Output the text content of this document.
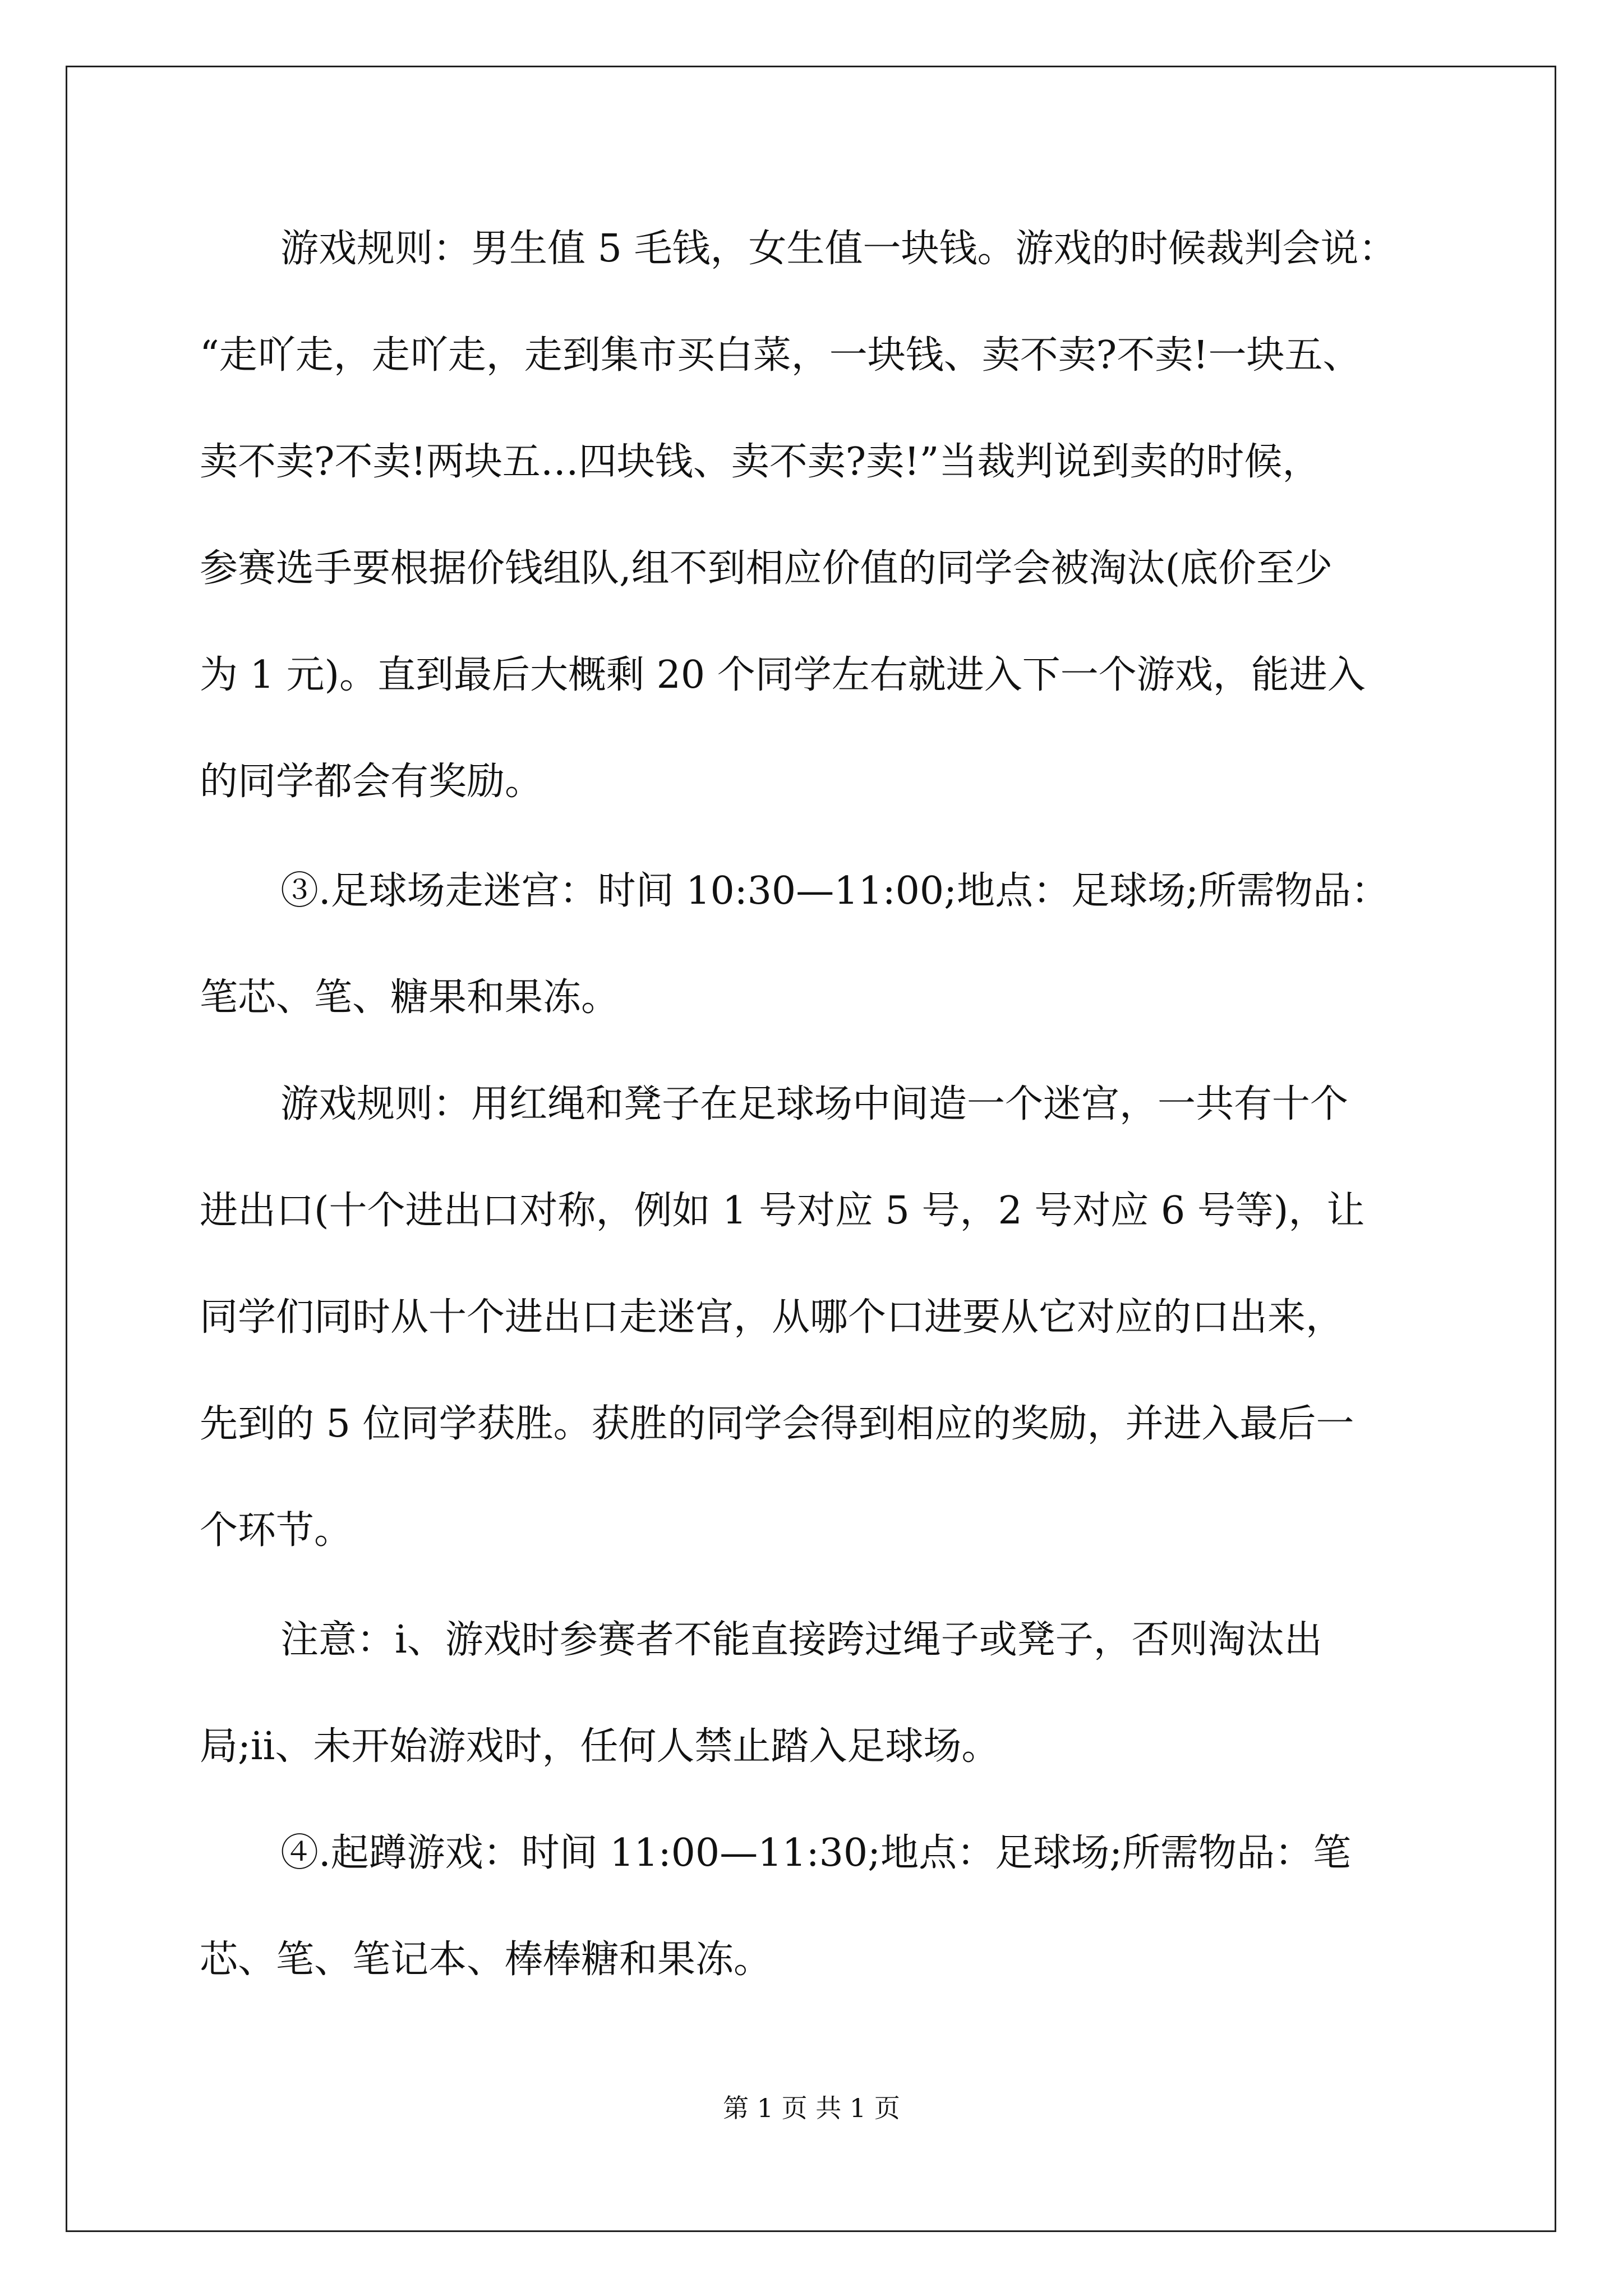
游戏规则：男生值 5 毛钱，女生值一块钱。游戏的时候裁判会说：
“走吖走，走吖走，走到集市买白菜，一块钱、卖不卖?不卖!一块五、
卖不卖?不卖!两块五…四块钱、卖不卖?卖!”当裁判说到卖的时候，
参赛选手要根据价钱组队,组不到相应价值的同学会被淘汰(底价至少
为 1 元)。直到最后大概剩 20 个同学左右就进入下一个游戏，能进入
的同学都会有奖励。
③.足球场走迷宫：时间 10:30—11:00;地点：足球场;所需物品：
笔芯、笔、糖果和果冻。
游戏规则：用红绳和凳子在足球场中间造一个迷宫，一共有十个
进出口(十个进出口对称，例如 1 号对应 5 号，2 号对应 6 号等)，让
同学们同时从十个进出口走迷宫，从哪个口进要从它对应的口出来，
先到的 5 位同学获胜。获胜的同学会得到相应的奖励，并进入最后一
个环节。
注意：ⅰ、游戏时参赛者不能直接跨过绳子或凳子，否则淘汰出
局;ⅱ、未开始游戏时，任何人禁止踏入足球场。
④.起蹲游戏：时间 11:00—11:30;地点：足球场;所需物品：笔
芯、笔、笔记本、棒棒糖和果冻。
第 1 页 共 1 页
